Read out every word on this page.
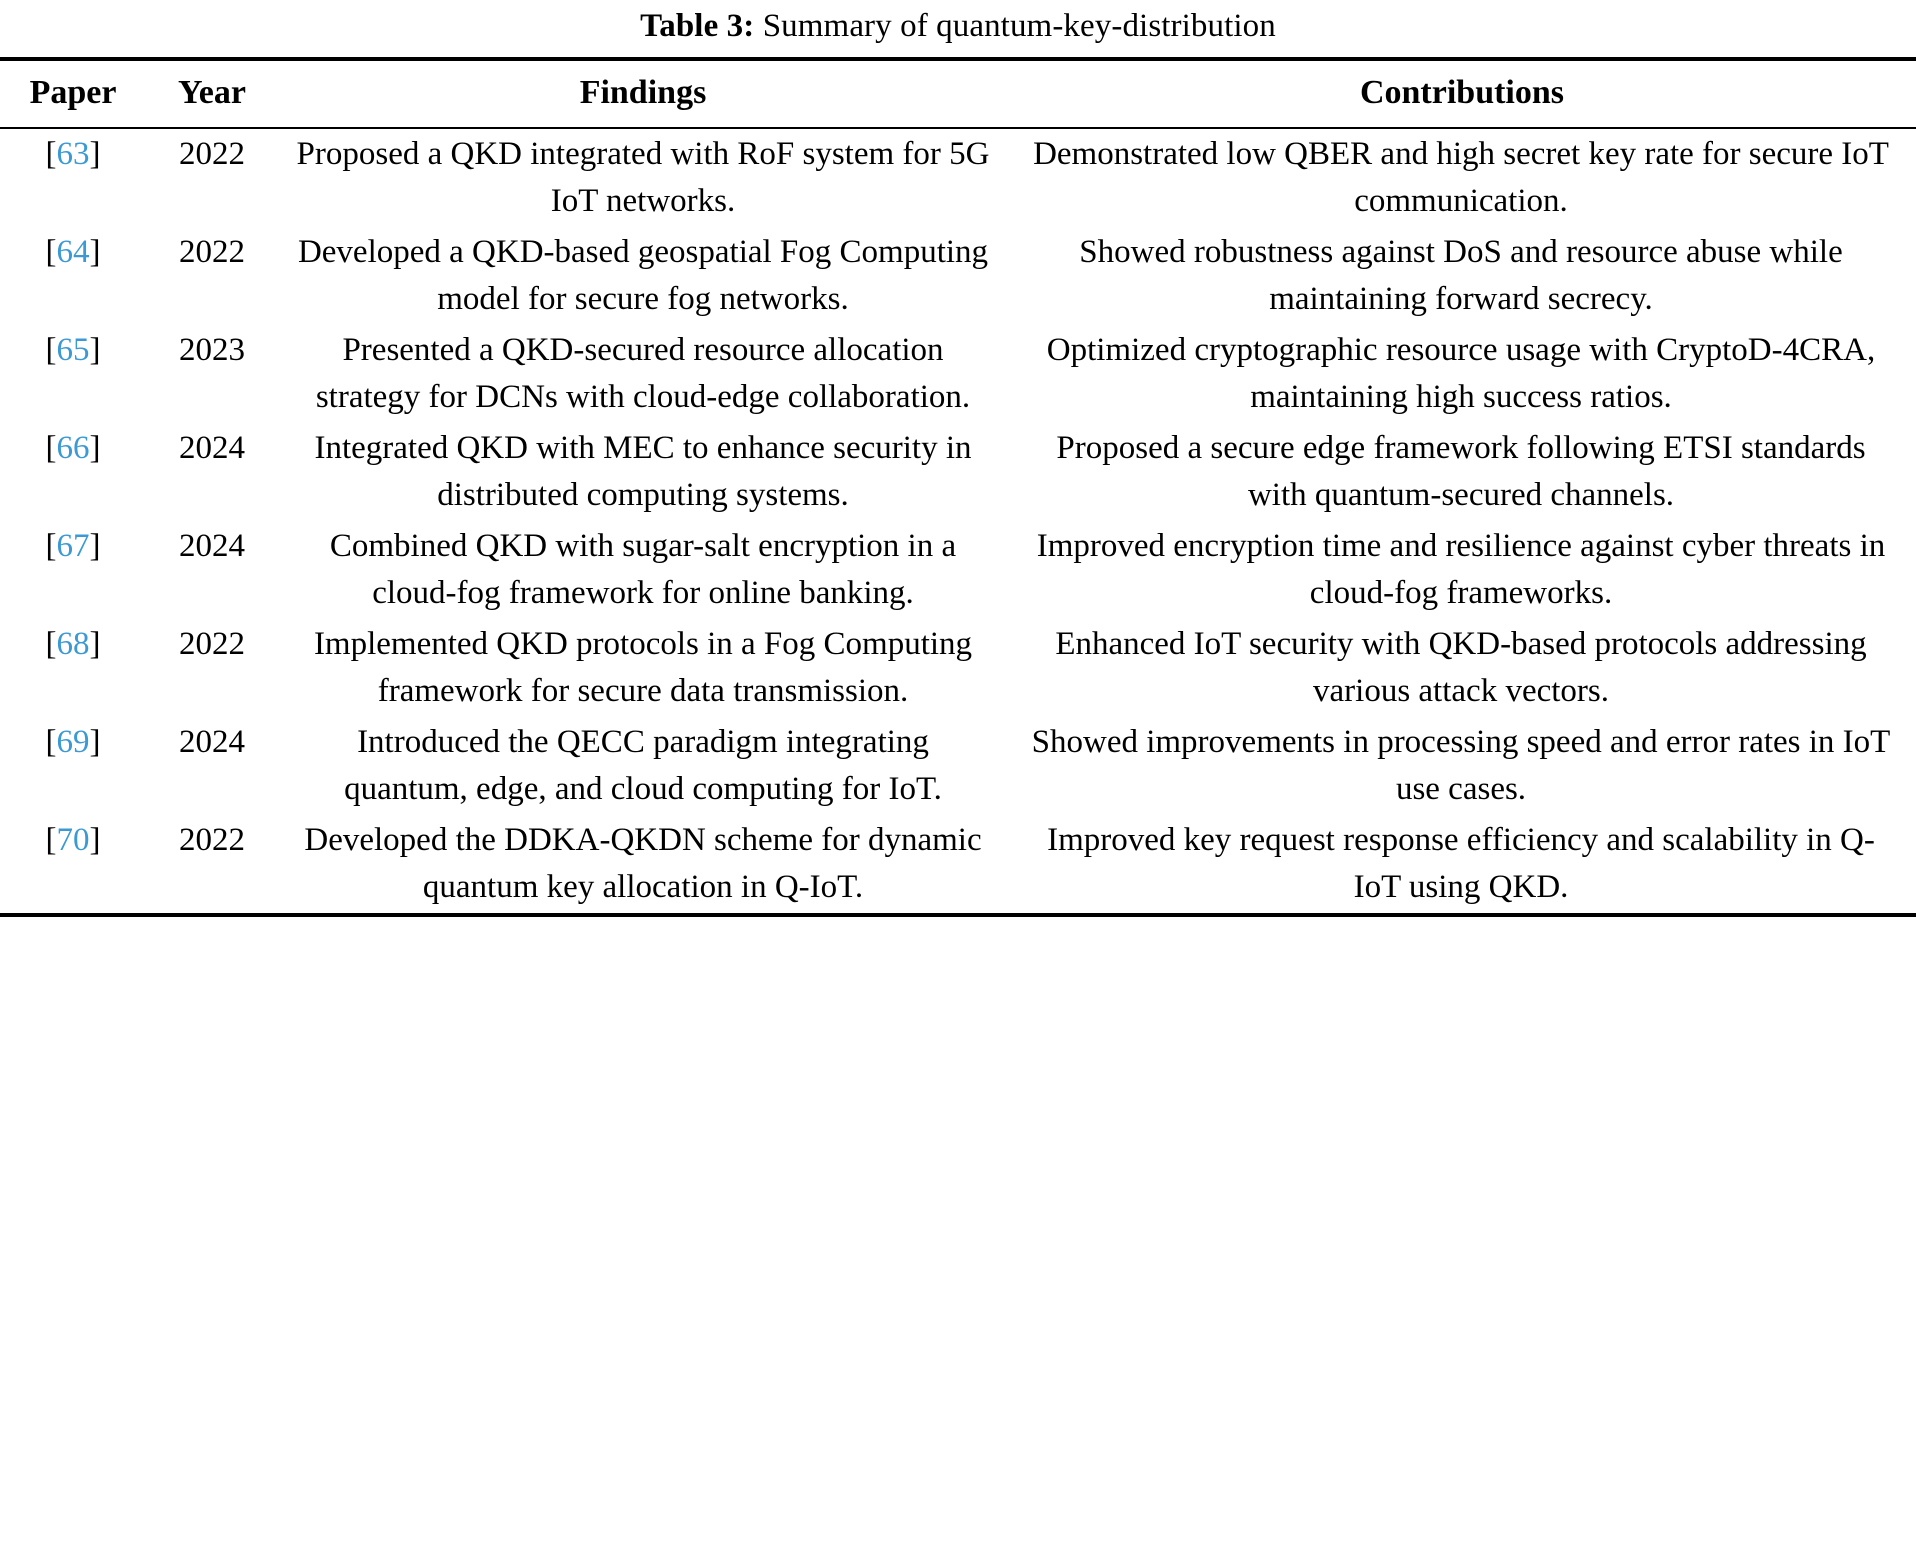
Table 3: Summary of quantum-key-distribution
Paper	Year	Findings	Contributions
[63]	2022	Proposed a QKD integrated with RoF system for 5G IoT networks.	Demonstrated low QBER and high secret key rate for secure IoT communication.
[64]	2022	Developed a QKD-based geospatial Fog Computing model for secure fog networks.	Showed robustness against DoS and resource abuse while maintaining forward secrecy.
[65]	2023	Presented a QKD-secured resource allocation strategy for DCNs with cloud-edge collaboration.	Optimized cryptographic resource usage with CryptoD-4CRA, maintaining high success ratios.
[66]	2024	Integrated QKD with MEC to enhance security in distributed computing systems.	Proposed a secure edge framework following ETSI standards with quantum-secured channels.
[67]	2024	Combined QKD with sugar-salt encryption in a cloud-fog framework for online banking.	Improved encryption time and resilience against cyber threats in cloud-fog frameworks.
[68]	2022	Implemented QKD protocols in a Fog Computing framework for secure data transmission.	Enhanced IoT security with QKD-based protocols addressing various attack vectors.
[69]	2024	Introduced the QECC paradigm integrating quantum, edge, and cloud computing for IoT.	Showed improvements in processing speed and error rates in IoT use cases.
[70]	2022	Developed the DDKA-QKDN scheme for dynamic quantum key allocation in Q-IoT.	Improved key request response efficiency and scalability in Q-IoT using QKD.
